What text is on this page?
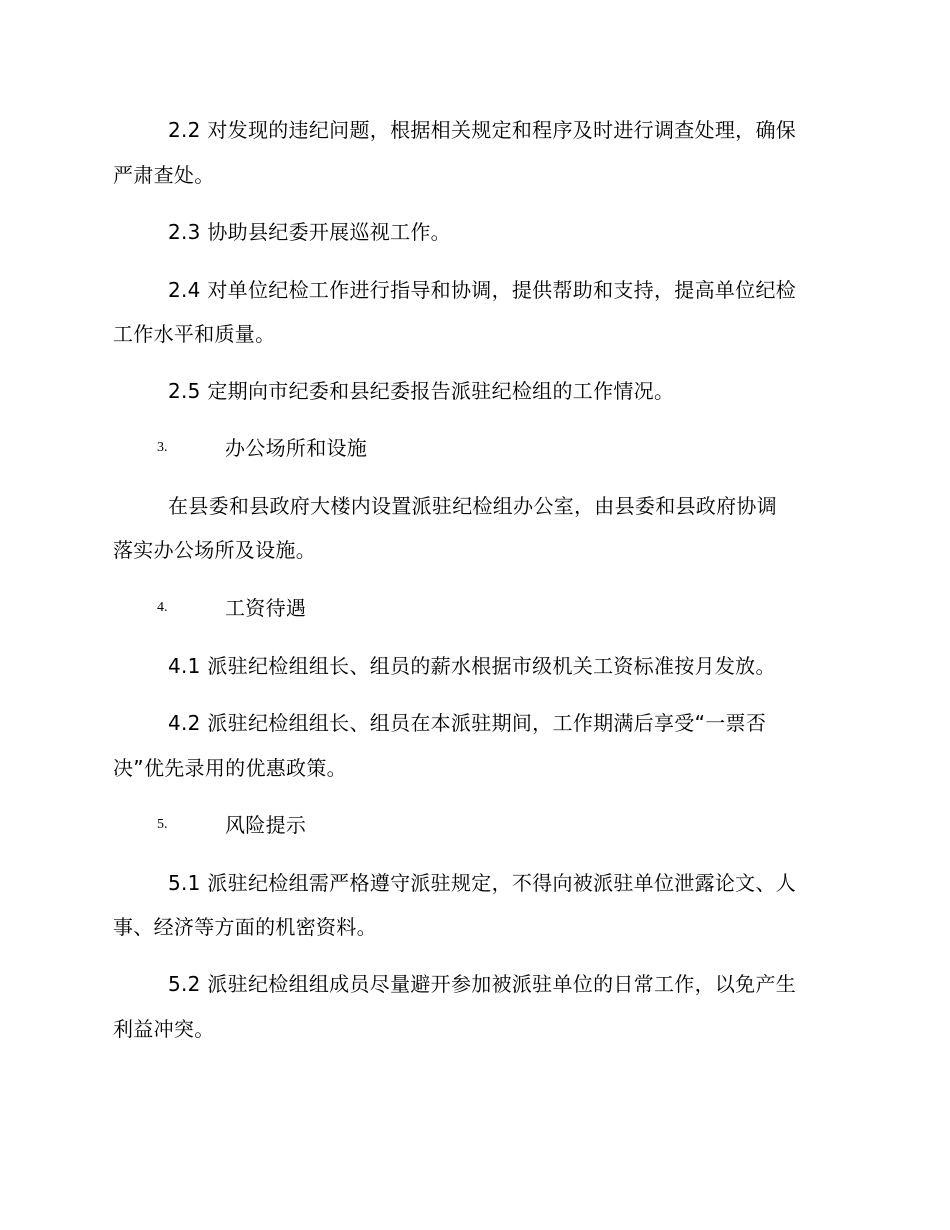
2.2 对发现的违纪问题，根据相关规定和程序及时进行调查处理，确保
严肃查处。
2.3 协助县纪委开展巡视工作。
2.4 对单位纪检工作进行指导和协调，提供帮助和支持，提高单位纪检
工作水平和质量。
2.5 定期向市纪委和县纪委报告派驻纪检组的工作情况。
3.	办公场所和设施
在县委和县政府大楼内设置派驻纪检组办公室，由县委和县政府协调
落实办公场所及设施。
4.	工资待遇
4.1 派驻纪检组组长、组员的薪水根据市级机关工资标准按月发放。
4.2 派驻纪检组组长、组员在本派驻期间，工作期满后享受“一票否
决”优先录用的优惠政策。
5.	风险提示
5.1 派驻纪检组需严格遵守派驻规定，不得向被派驻单位泄露论文、人
事、经济等方面的机密资料。
5.2 派驻纪检组组成员尽量避开参加被派驻单位的日常工作，以免产生
利益冲突。
